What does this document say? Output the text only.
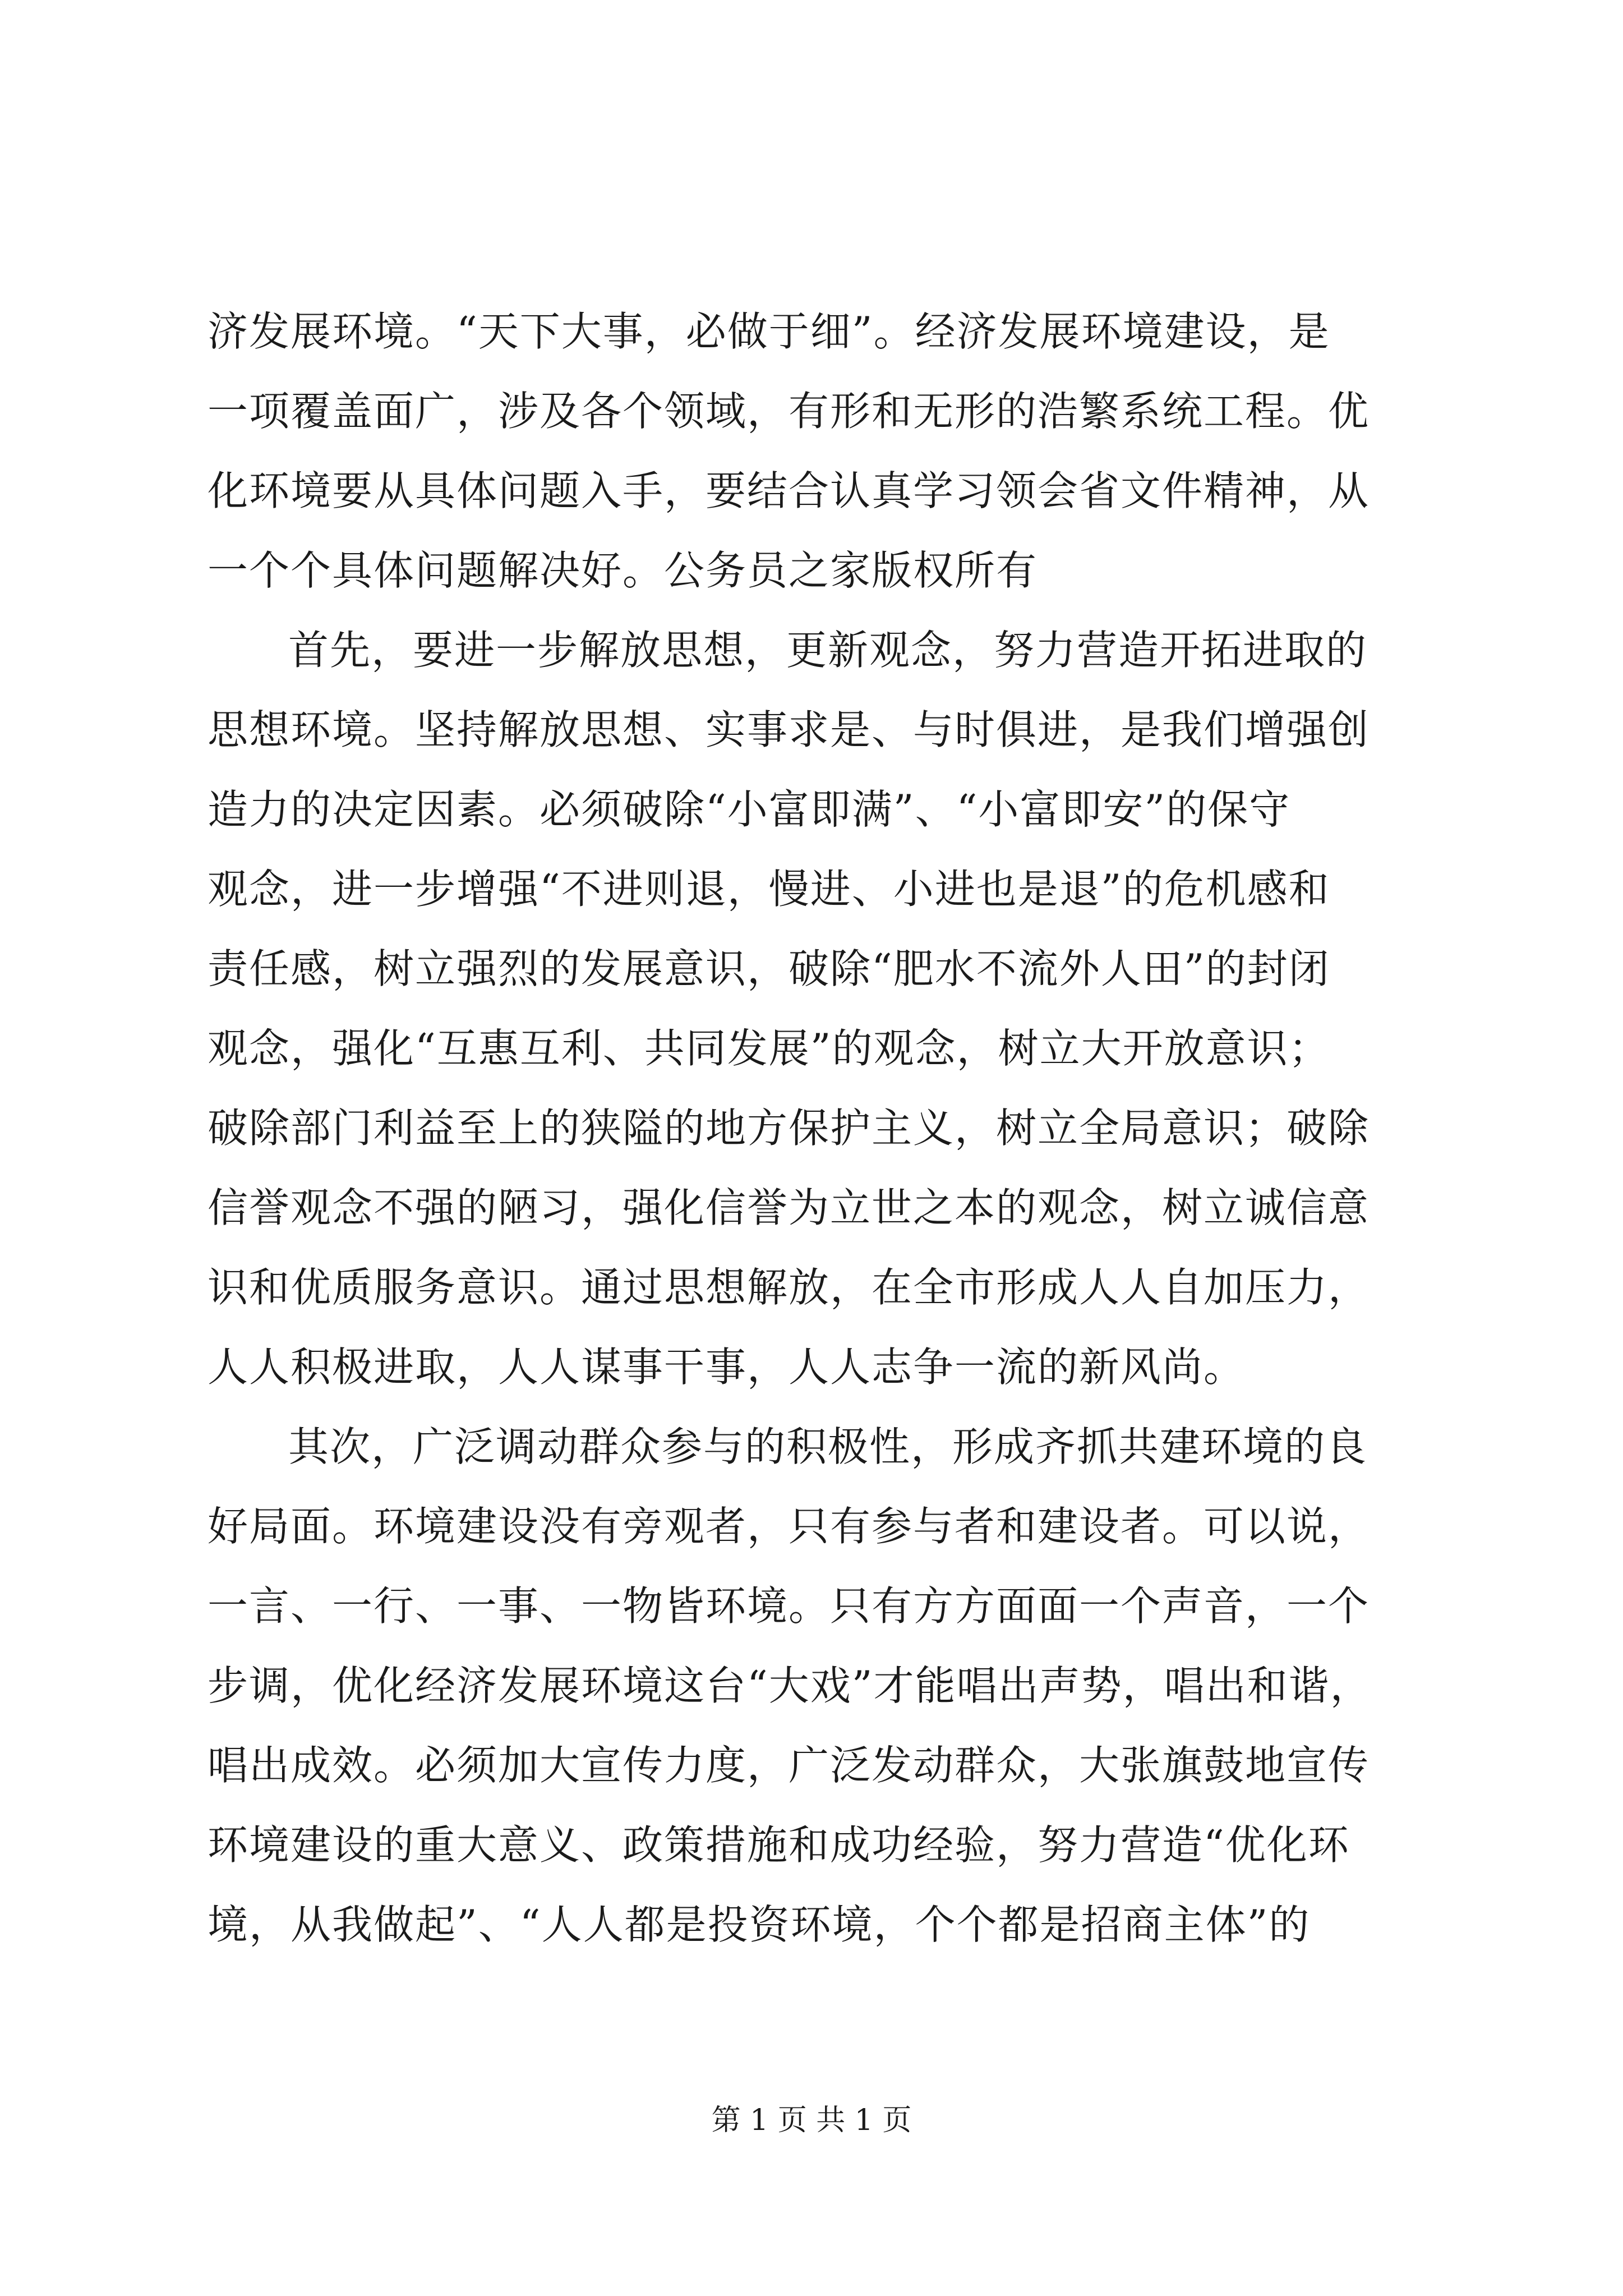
济发展环境。“天下大事，必做于细”。经济发展环境建设，是
一项覆盖面广，涉及各个领域，有形和无形的浩繁系统工程。优
化环境要从具体问题入手，要结合认真学习领会省文件精神，从
一个个具体问题解决好。公务员之家版权所有
首先，要进一步解放思想，更新观念，努力营造开拓进取的
思想环境。坚持解放思想、实事求是、与时俱进，是我们增强创
造力的决定因素。必须破除“小富即满”、“小富即安”的保守
观念，进一步增强“不进则退，慢进、小进也是退”的危机感和
责任感，树立强烈的发展意识，破除“肥水不流外人田”的封闭
观念，强化“互惠互利、共同发展”的观念，树立大开放意识；
破除部门利益至上的狭隘的地方保护主义，树立全局意识；破除
信誉观念不强的陋习，强化信誉为立世之本的观念，树立诚信意
识和优质服务意识。通过思想解放，在全市形成人人自加压力，
人人积极进取，人人谋事干事，人人志争一流的新风尚。
其次，广泛调动群众参与的积极性，形成齐抓共建环境的良
好局面。环境建设没有旁观者，只有参与者和建设者。可以说，
一言、一行、一事、一物皆环境。只有方方面面一个声音，一个
步调，优化经济发展环境这台“大戏”才能唱出声势，唱出和谐，
唱出成效。必须加大宣传力度，广泛发动群众，大张旗鼓地宣传
环境建设的重大意义、政策措施和成功经验，努力营造“优化环
境，从我做起”、“人人都是投资环境，个个都是招商主体”的
第 1 页 共 1 页
